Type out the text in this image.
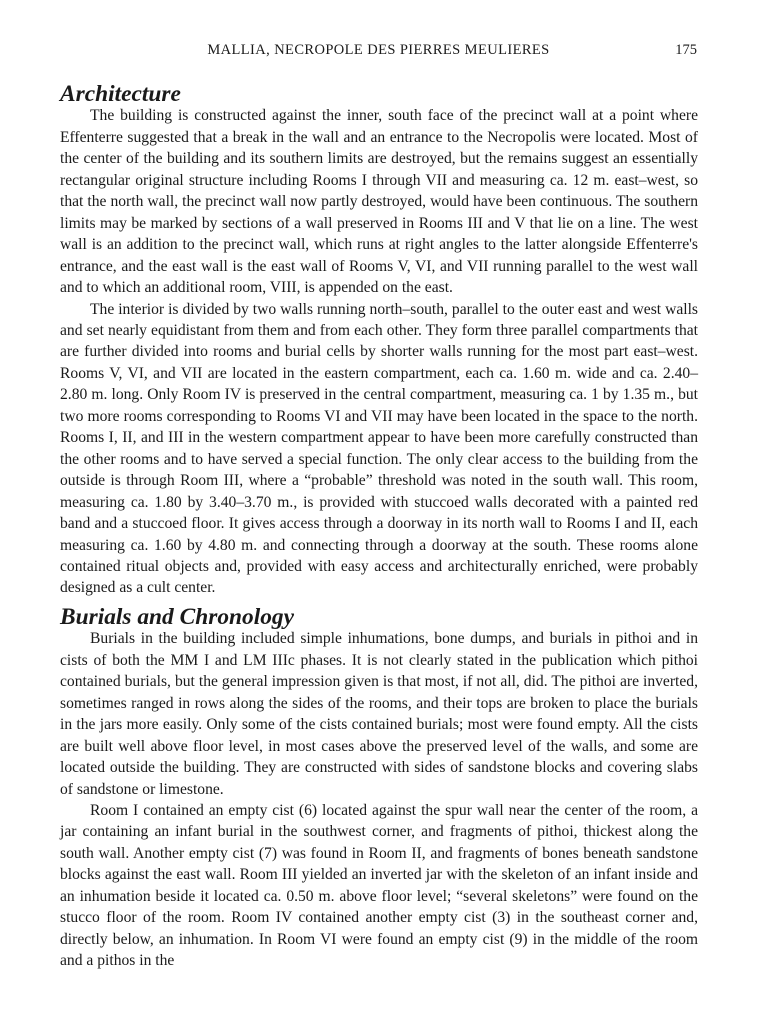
MALLIA, NECROPOLE DES PIERRES MEULIERES	175
Architecture

The building is constructed against the inner, south face of the precinct wall at a point where Effenterre suggested that a break in the wall and an entrance to the Necropolis were located. Most of the center of the building and its southern limits are destroyed, but the remains suggest an essentially rectangular original structure including Rooms I through VII and measuring ca. 12 m. east–west, so that the north wall, the precinct wall now partly destroyed, would have been continuous. The southern limits may be marked by sections of a wall preserved in Rooms III and V that lie on a line. The west wall is an addition to the precinct wall, which runs at right angles to the latter alongside Effenterre's entrance, and the east wall is the east wall of Rooms V, VI, and VII running parallel to the west wall and to which an additional room, VIII, is appended on the east.

The interior is divided by two walls running north–south, parallel to the outer east and west walls and set nearly equidistant from them and from each other. They form three parallel compartments that are further divided into rooms and burial cells by shorter walls running for the most part east–west. Rooms V, VI, and VII are located in the eastern compartment, each ca. 1.60 m. wide and ca. 2.40–2.80 m. long. Only Room IV is preserved in the central compartment, measuring ca. 1 by 1.35 m., but two more rooms corresponding to Rooms VI and VII may have been located in the space to the north. Rooms I, II, and III in the western compartment appear to have been more carefully constructed than the other rooms and to have served a special function. The only clear access to the building from the outside is through Room III, where a “probable” threshold was noted in the south wall. This room, measuring ca. 1.80 by 3.40–3.70 m., is provided with stuccoed walls decorated with a painted red band and a stuccoed floor. It gives access through a doorway in its north wall to Rooms I and II, each measuring ca. 1.60 by 4.80 m. and connecting through a doorway at the south. These rooms alone contained ritual objects and, provided with easy access and architecturally enriched, were probably designed as a cult center.

Burials and Chronology

Burials in the building included simple inhumations, bone dumps, and burials in pithoi and in cists of both the MM I and LM IIIc phases. It is not clearly stated in the publication which pithoi contained burials, but the general impression given is that most, if not all, did. The pithoi are inverted, sometimes ranged in rows along the sides of the rooms, and their tops are broken to place the burials in the jars more easily. Only some of the cists contained burials; most were found empty. All the cists are built well above floor level, in most cases above the preserved level of the walls, and some are located outside the building. They are constructed with sides of sandstone blocks and covering slabs of sandstone or limestone.

Room I contained an empty cist (6) located against the spur wall near the center of the room, a jar containing an infant burial in the southwest corner, and fragments of pithoi, thickest along the south wall. Another empty cist (7) was found in Room II, and fragments of bones beneath sandstone blocks against the east wall. Room III yielded an inverted jar with the skeleton of an infant inside and an inhumation beside it located ca. 0.50 m. above floor level; “several skeletons” were found on the stucco floor of the room. Room IV contained another empty cist (3) in the southeast corner and, directly below, an inhumation. In Room VI were found an empty cist (9) in the middle of the room and a pithos in the
